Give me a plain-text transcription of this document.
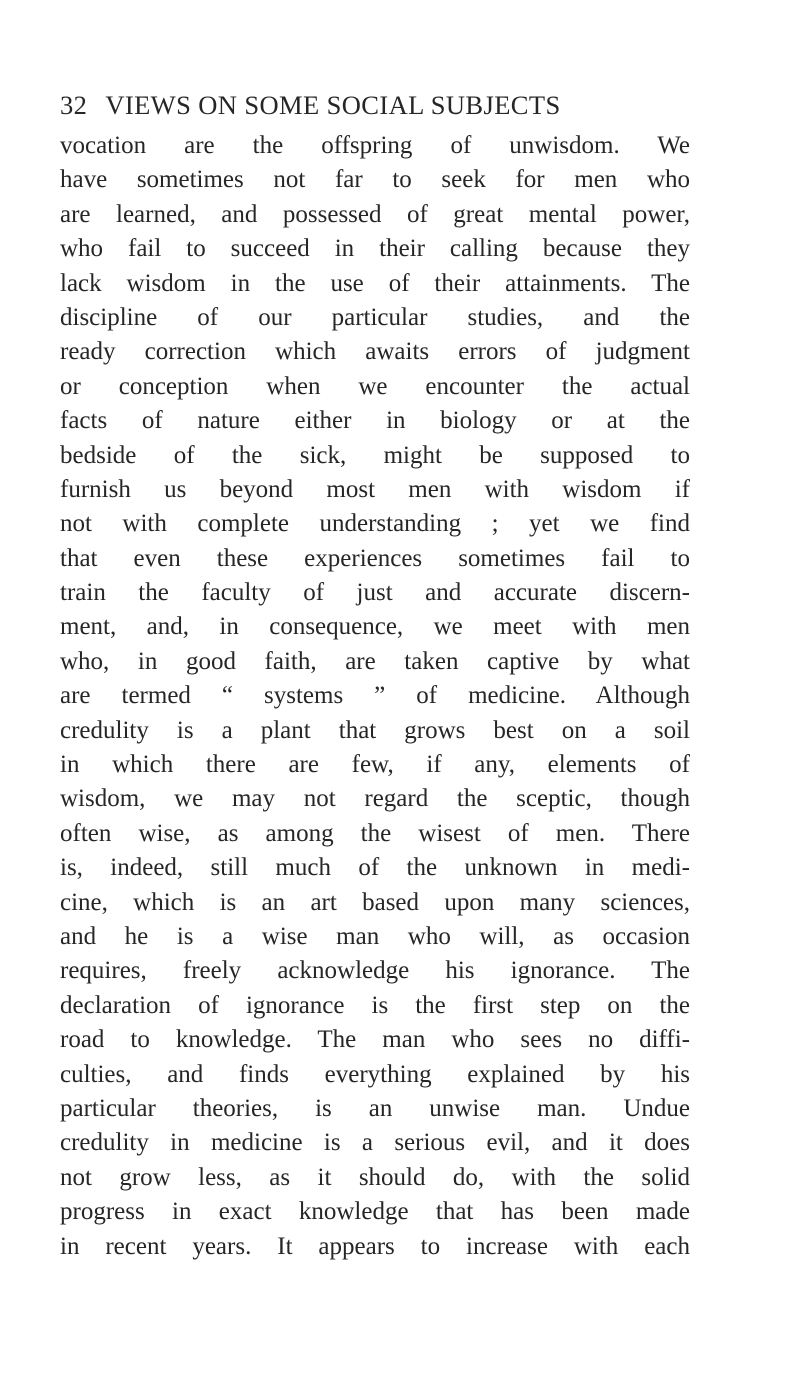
32 VIEWS ON SOME SOCIAL SUBJECTS
vocation are the offspring of unwisdom. We
have sometimes not far to seek for men who
are learned, and possessed of great mental power,
who fail to succeed in their calling because they
lack wisdom in the use of their attainments. The
discipline of our particular studies, and the
ready correction which awaits errors of judgment
or conception when we encounter the actual
facts of nature either in biology or at the
bedside of the sick, might be supposed to
furnish us beyond most men with wisdom if
not with complete understanding ; yet we find
that even these experiences sometimes fail to
train the faculty of just and accurate discern-
ment, and, in consequence, we meet with men
who, in good faith, are taken captive by what
are termed “ systems ” of medicine. Although
credulity is a plant that grows best on a soil
in which there are few, if any, elements of
wisdom, we may not regard the sceptic, though
often wise, as among the wisest of men. There
is, indeed, still much of the unknown in medi-
cine, which is an art based upon many sciences,
and he is a wise man who will, as occasion
requires, freely acknowledge his ignorance. The
declaration of ignorance is the first step on the
road to knowledge. The man who sees no diffi-
culties, and finds everything explained by his
particular theories, is an unwise man. Undue
credulity in medicine is a serious evil, and it does
not grow less, as it should do, with the solid
progress in exact knowledge that has been made
in recent years. It appears to increase with each
